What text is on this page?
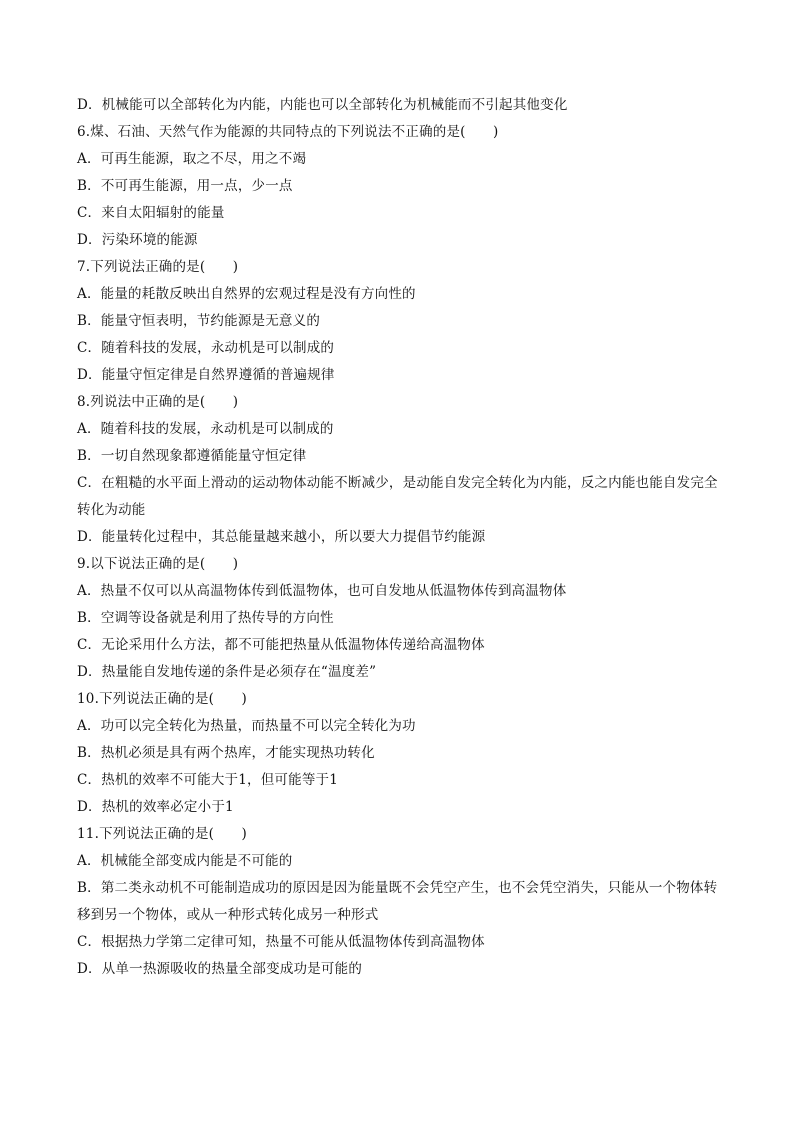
D．机械能可以全部转化为内能，内能也可以全部转化为机械能而不引起其他变化
6.煤、石油、天然气作为能源的共同特点的下列说法不正确的是(　　)
A．可再生能源，取之不尽，用之不竭
B．不可再生能源，用一点，少一点
C．来自太阳辐射的能量
D．污染环境的能源
7.下列说法正确的是(　　)
A．能量的耗散反映出自然界的宏观过程是没有方向性的
B．能量守恒表明，节约能源是无意义的
C．随着科技的发展，永动机是可以制成的
D．能量守恒定律是自然界遵循的普遍规律
8.列说法中正确的是(　　)
A．随着科技的发展，永动机是可以制成的
B．一切自然现象都遵循能量守恒定律
C．在粗糙的水平面上滑动的运动物体动能不断减少，是动能自发完全转化为内能，反之内能也能自发完全
转化为动能
D．能量转化过程中，其总能量越来越小，所以要大力提倡节约能源
9.以下说法正确的是(　　)
A．热量不仅可以从高温物体传到低温物体，也可自发地从低温物体传到高温物体
B．空调等设备就是利用了热传导的方向性
C．无论采用什么方法，都不可能把热量从低温物体传递给高温物体
D．热量能自发地传递的条件是必须存在“温度差”
10.下列说法正确的是(　　)
A．功可以完全转化为热量，而热量不可以完全转化为功
B．热机必须是具有两个热库，才能实现热功转化
C．热机的效率不可能大于1，但可能等于1
D．热机的效率必定小于1
11.下列说法正确的是(　　)
A．机械能全部变成内能是不可能的
B．第二类永动机不可能制造成功的原因是因为能量既不会凭空产生，也不会凭空消失，只能从一个物体转
移到另一个物体，或从一种形式转化成另一种形式
C．根据热力学第二定律可知，热量不可能从低温物体传到高温物体
D．从单一热源吸收的热量全部变成功是可能的
